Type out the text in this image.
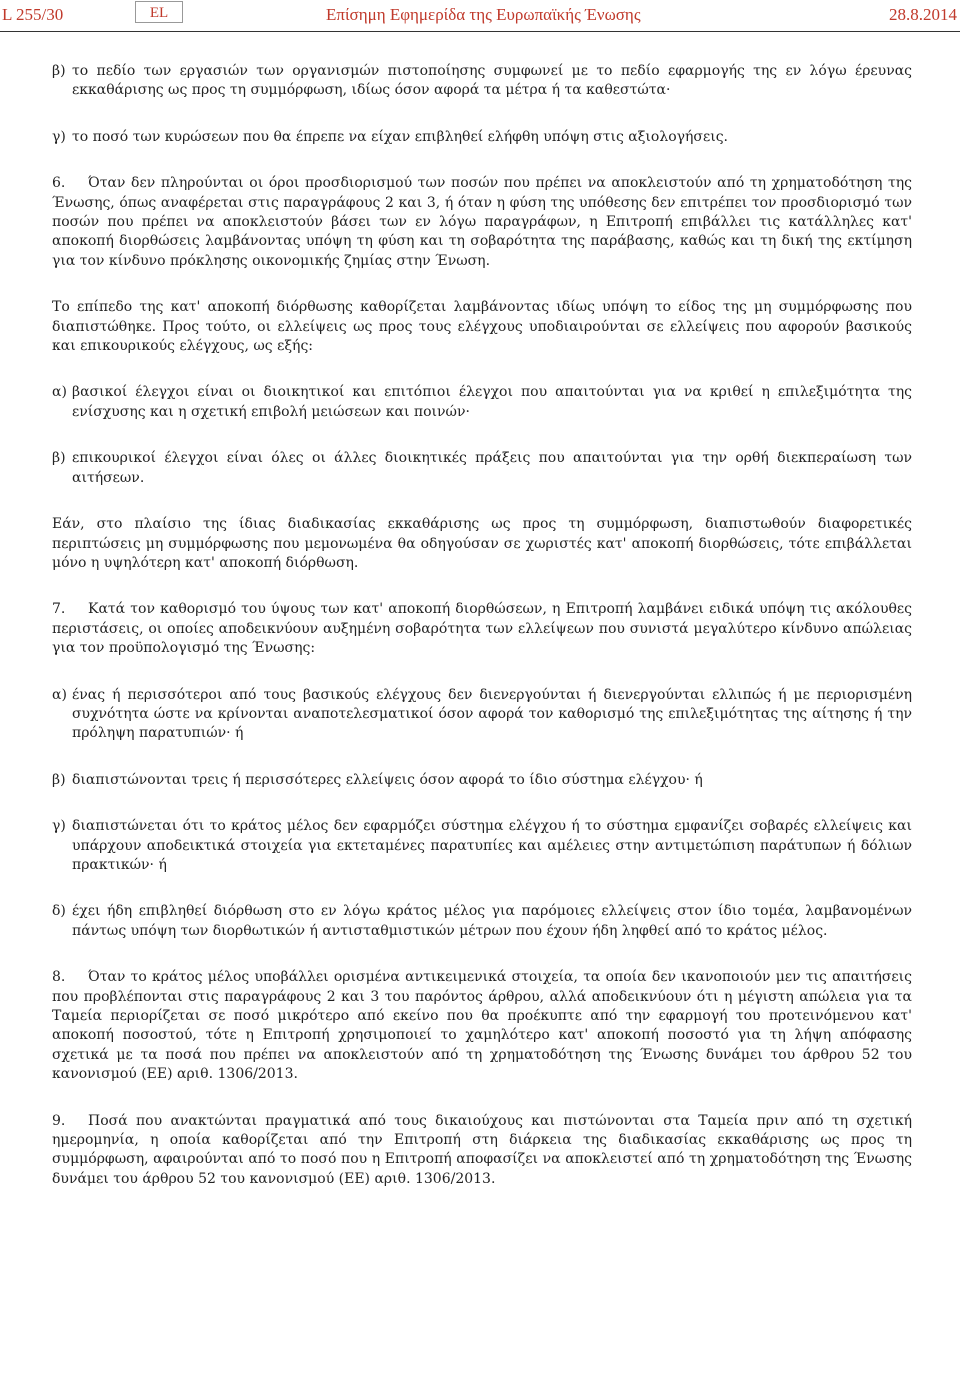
L 255/30	EL	Επίσημη Εφημερίδα της Ευρωπαϊκής Ένωσης	28.8.2014
β) το πεδίο των εργασιών των οργανισμών πιστοποίησης συμφωνεί με το πεδίο εφαρμογής της εν λόγω έρευνας εκκαθάρισης ως προς τη συμμόρφωση, ιδίως όσον αφορά τα μέτρα ή τα καθεστώτα·
γ) το ποσό των κυρώσεων που θα έπρεπε να είχαν επιβληθεί ελήφθη υπόψη στις αξιολογήσεις.

6. Όταν δεν πληρούνται οι όροι προσδιορισμού των ποσών που πρέπει να αποκλειστούν από τη χρηματοδότηση της Ένωσης, όπως αναφέρεται στις παραγράφους 2 και 3, ή όταν η φύση της υπόθεσης δεν επιτρέπει τον προσδιορισμό των ποσών που πρέπει να αποκλειστούν βάσει των εν λόγω παραγράφων, η Επιτροπή επιβάλλει τις κατάλληλες κατ' αποκοπή διορθώσεις λαμβάνοντας υπόψη τη φύση και τη σοβαρότητα της παράβασης, καθώς και τη δική της εκτίμηση για τον κίνδυνο πρόκλησης οικονομικής ζημίας στην Ένωση.

Το επίπεδο της κατ' αποκοπή διόρθωσης καθορίζεται λαμβάνοντας ιδίως υπόψη το είδος της μη συμμόρφωσης που διαπιστώθηκε. Προς τούτο, οι ελλείψεις ως προς τους ελέγχους υποδιαιρούνται σε ελλείψεις που αφορούν βασικούς και επικουρικούς ελέγχους, ως εξής:

α) βασικοί έλεγχοι είναι οι διοικητικοί και επιτόπιοι έλεγχοι που απαιτούνται για να κριθεί η επιλεξιμότητα της ενίσχυσης και η σχετική επιβολή μειώσεων και ποινών·
β) επικουρικοί έλεγχοι είναι όλες οι άλλες διοικητικές πράξεις που απαιτούνται για την ορθή διεκπεραίωση των αιτήσεων.

Εάν, στο πλαίσιο της ίδιας διαδικασίας εκκαθάρισης ως προς τη συμμόρφωση, διαπιστωθούν διαφορετικές περιπτώσεις μη συμμόρφωσης που μεμονωμένα θα οδηγούσαν σε χωριστές κατ' αποκοπή διορθώσεις, τότε επιβάλλεται μόνο η υψηλότερη κατ' αποκοπή διόρθωση.

7. Κατά τον καθορισμό του ύψους των κατ' αποκοπή διορθώσεων, η Επιτροπή λαμβάνει ειδικά υπόψη τις ακόλουθες περιστάσεις, οι οποίες αποδεικνύουν αυξημένη σοβαρότητα των ελλείψεων που συνιστά μεγαλύτερο κίνδυνο απώλειας για τον προϋπολογισμό της Ένωσης:

α) ένας ή περισσότεροι από τους βασικούς ελέγχους δεν διενεργούνται ή διενεργούνται ελλιπώς ή με περιορισμένη συχνότητα ώστε να κρίνονται αναποτελεσματικοί όσον αφορά τον καθορισμό της επιλεξιμότητας της αίτησης ή την πρόληψη παρατυπιών· ή
β) διαπιστώνονται τρεις ή περισσότερες ελλείψεις όσον αφορά το ίδιο σύστημα ελέγχου· ή
γ) διαπιστώνεται ότι το κράτος μέλος δεν εφαρμόζει σύστημα ελέγχου ή το σύστημα εμφανίζει σοβαρές ελλείψεις και υπάρχουν αποδεικτικά στοιχεία για εκτεταμένες παρατυπίες και αμέλειες στην αντιμετώπιση παράτυπων ή δόλιων πρακτικών· ή
δ) έχει ήδη επιβληθεί διόρθωση στο εν λόγω κράτος μέλος για παρόμοιες ελλείψεις στον ίδιο τομέα, λαμβανομένων πάντως υπόψη των διορθωτικών ή αντισταθμιστικών μέτρων που έχουν ήδη ληφθεί από το κράτος μέλος.

8. Όταν το κράτος μέλος υποβάλλει ορισμένα αντικειμενικά στοιχεία, τα οποία δεν ικανοποιούν μεν τις απαιτήσεις που προβλέπονται στις παραγράφους 2 και 3 του παρόντος άρθρου, αλλά αποδεικνύουν ότι η μέγιστη απώλεια για τα Ταμεία περιορίζεται σε ποσό μικρότερο από εκείνο που θα προέκυπτε από την εφαρμογή του προτεινόμενου κατ' αποκοπή ποσοστού, τότε η Επιτροπή χρησιμοποιεί το χαμηλότερο κατ' αποκοπή ποσοστό για τη λήψη απόφασης σχετικά με τα ποσά που πρέπει να αποκλειστούν από τη χρηματοδότηση της Ένωσης δυνάμει του άρθρου 52 του κανονισμού (ΕΕ) αριθ. 1306/2013.

9. Ποσά που ανακτώνται πραγματικά από τους δικαιούχους και πιστώνονται στα Ταμεία πριν από τη σχετική ημερομηνία, η οποία καθορίζεται από την Επιτροπή στη διάρκεια της διαδικασίας εκκαθάρισης ως προς τη συμμόρφωση, αφαιρούνται από το ποσό που η Επιτροπή αποφασίζει να αποκλειστεί από τη χρηματοδότηση της Ένωσης δυνάμει του άρθρου 52 του κανονισμού (ΕΕ) αριθ. 1306/2013.
